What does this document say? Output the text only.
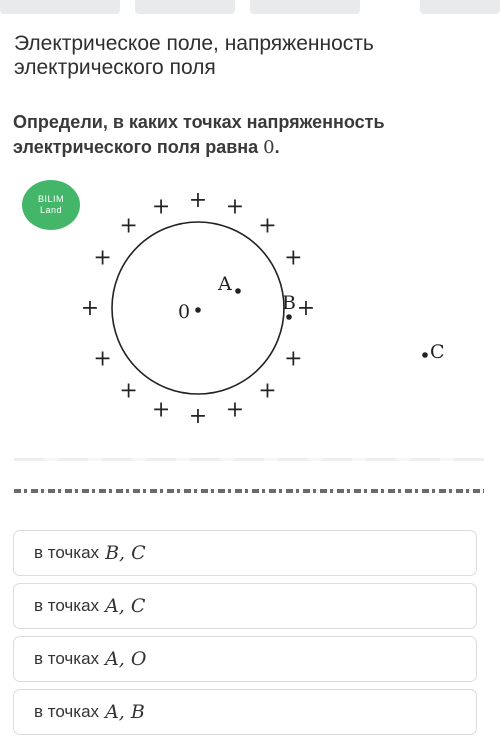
Электрическое поле, напряженность электрического поля
Определи, в каких точках напряженность электрического поля равна 0.
BILIM
Land	+ +
+
+
+
+
+
+
+
+
+
+
+
+
+ +
0
A
B
C
в точках B, C
в точках A, C
в точках A, O
в точках A, B
